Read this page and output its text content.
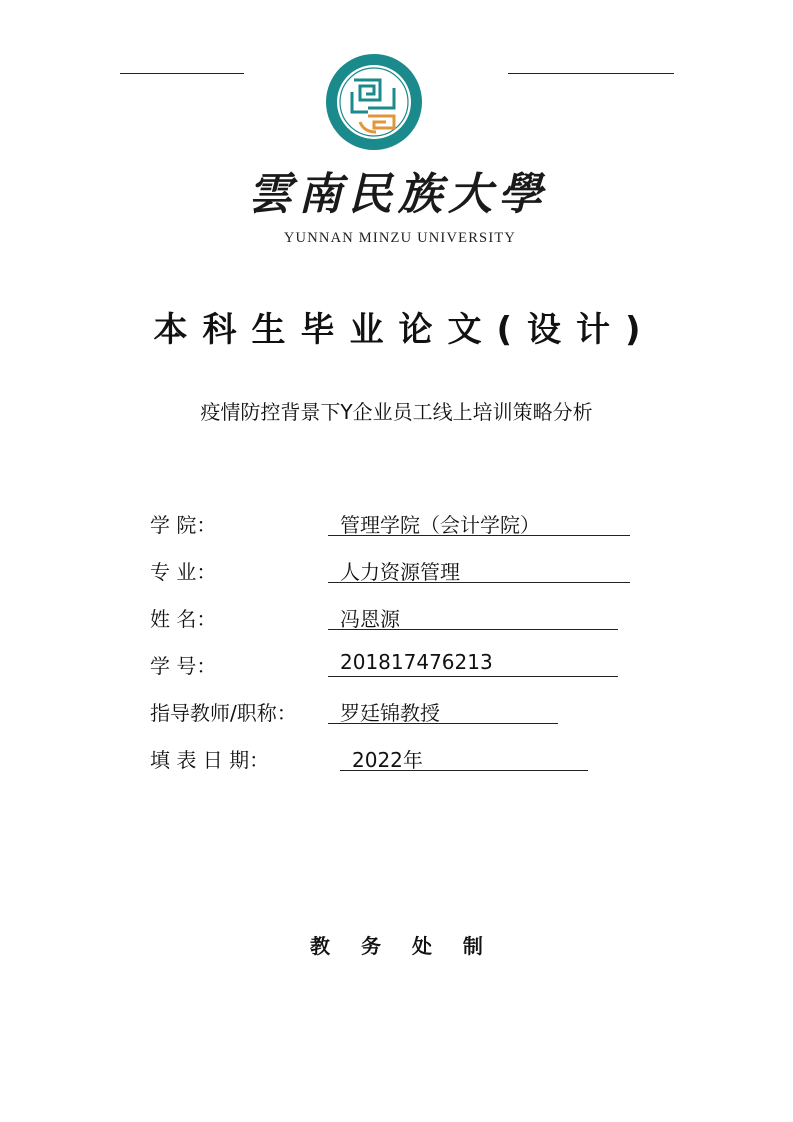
雲南民族大學
YUNNAN MINZU UNIVERSITY
本科生毕业论文(设计)
疫情防控背景下Y企业员工线上培训策略分析
学 院：	管理学院（会计学院）
专 业：	人力资源管理
姓 名：	冯恩源
学 号：	201817476213
指导教师/职称：	罗廷锦教授
填 表 日 期：	2022年
教 务 处 制
